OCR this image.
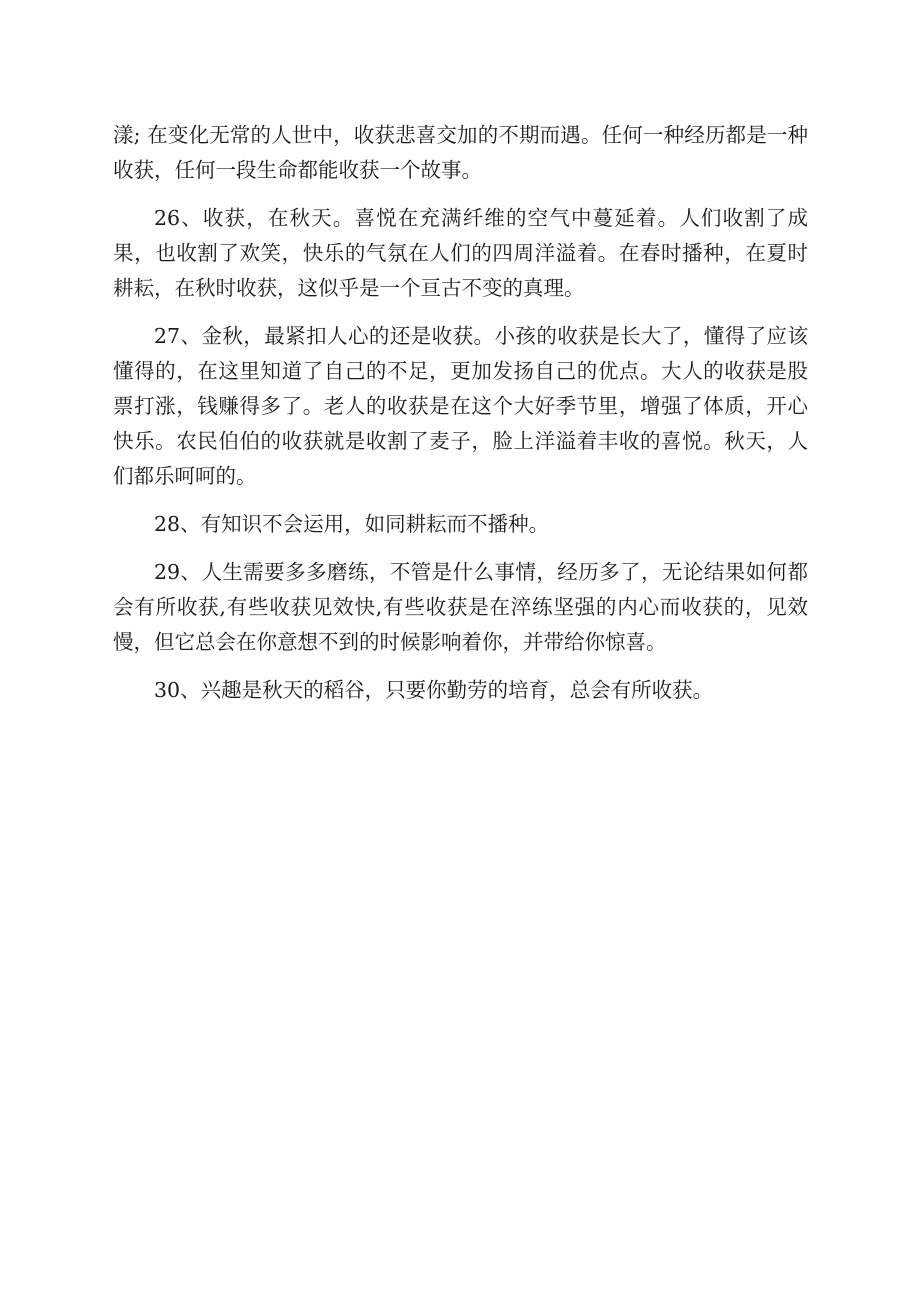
漾; 在变化无常的人世中，收获悲喜交加的不期而遇。任何一种经历都是一种收获，任何一段生命都能收获一个故事。

26、收获，在秋天。喜悦在充满纤维的空气中蔓延着。人们收割了成果，也收割了欢笑，快乐的气氛在人们的四周洋溢着。在春时播种，在夏时耕耘，在秋时收获，这似乎是一个亘古不变的真理。

27、金秋，最紧扣人心的还是收获。小孩的收获是长大了，懂得了应该懂得的，在这里知道了自己的不足，更加发扬自己的优点。大人的收获是股票打涨，钱赚得多了。老人的收获是在这个大好季节里，增强了体质，开心快乐。农民伯伯的收获就是收割了麦子，脸上洋溢着丰收的喜悦。秋天，人们都乐呵呵的。

28、有知识不会运用，如同耕耘而不播种。

29、人生需要多多磨练，不管是什么事情，经历多了，无论结果如何都会有所收获,有些收获见效快,有些收获是在淬练坚强的内心而收获的，见效慢，但它总会在你意想不到的时候影响着你，并带给你惊喜。

30、兴趣是秋天的稻谷，只要你勤劳的培育，总会有所收获。
